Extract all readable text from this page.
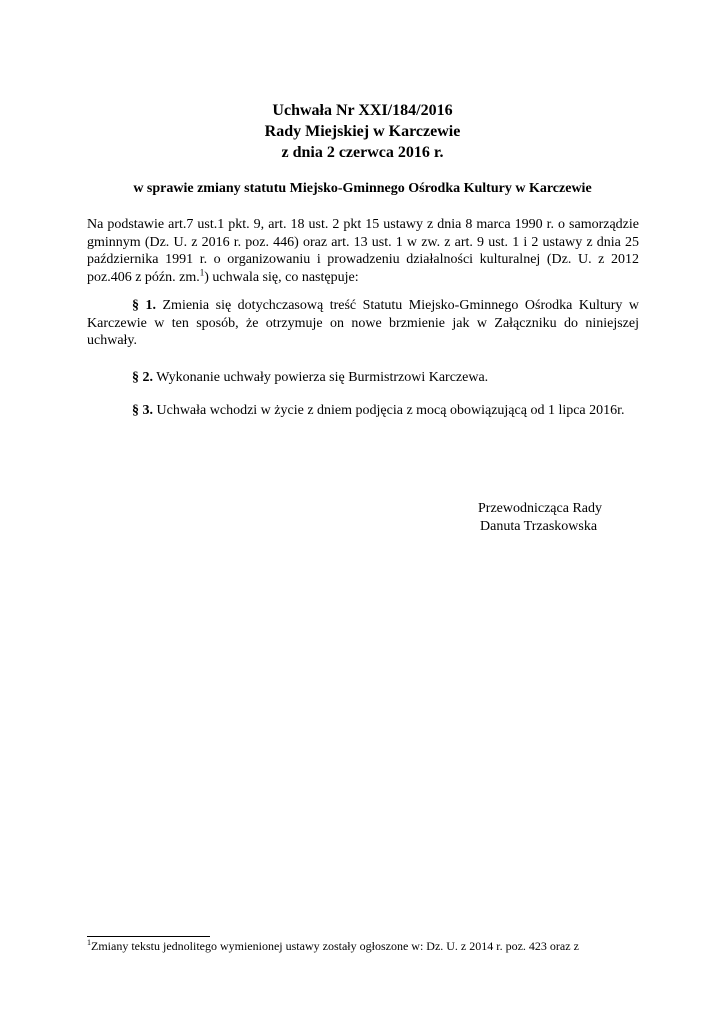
Uchwała Nr XXI/184/2016
Rady Miejskiej w Karczewie
z dnia 2 czerwca 2016 r.
w sprawie zmiany statutu Miejsko-Gminnego Ośrodka Kultury w Karczewie
Na podstawie art.7 ust.1 pkt. 9, art. 18 ust. 2 pkt 15 ustawy z dnia 8 marca 1990 r. o samorządzie gminnym (Dz. U. z 2016 r. poz. 446) oraz art. 13 ust. 1 w zw. z art. 9 ust. 1 i 2 ustawy z dnia 25 października 1991 r. o organizowaniu i prowadzeniu działalności kulturalnej (Dz. U. z 2012 poz.406 z późn. zm.$^1$) uchwala się, co następuje:
§ 1. Zmienia się dotychczasową treść Statutu Miejsko-Gminnego Ośrodka Kultury w Karczewie w ten sposób, że otrzymuje on nowe brzmienie jak w Załączniku do niniejszej uchwały.
§ 2. Wykonanie uchwały powierza się Burmistrzowi Karczewa.
§ 3. Uchwała wchodzi w życie z dniem podjęcia z mocą obowiązującą od 1 lipca 2016r.
Przewodnicząca Rady
Danuta Trzaskowska
$^1$Zmiany tekstu jednolitego wymienionej ustawy zostały ogłoszone w: Dz. U. z 2014 r. poz. 423 oraz z
